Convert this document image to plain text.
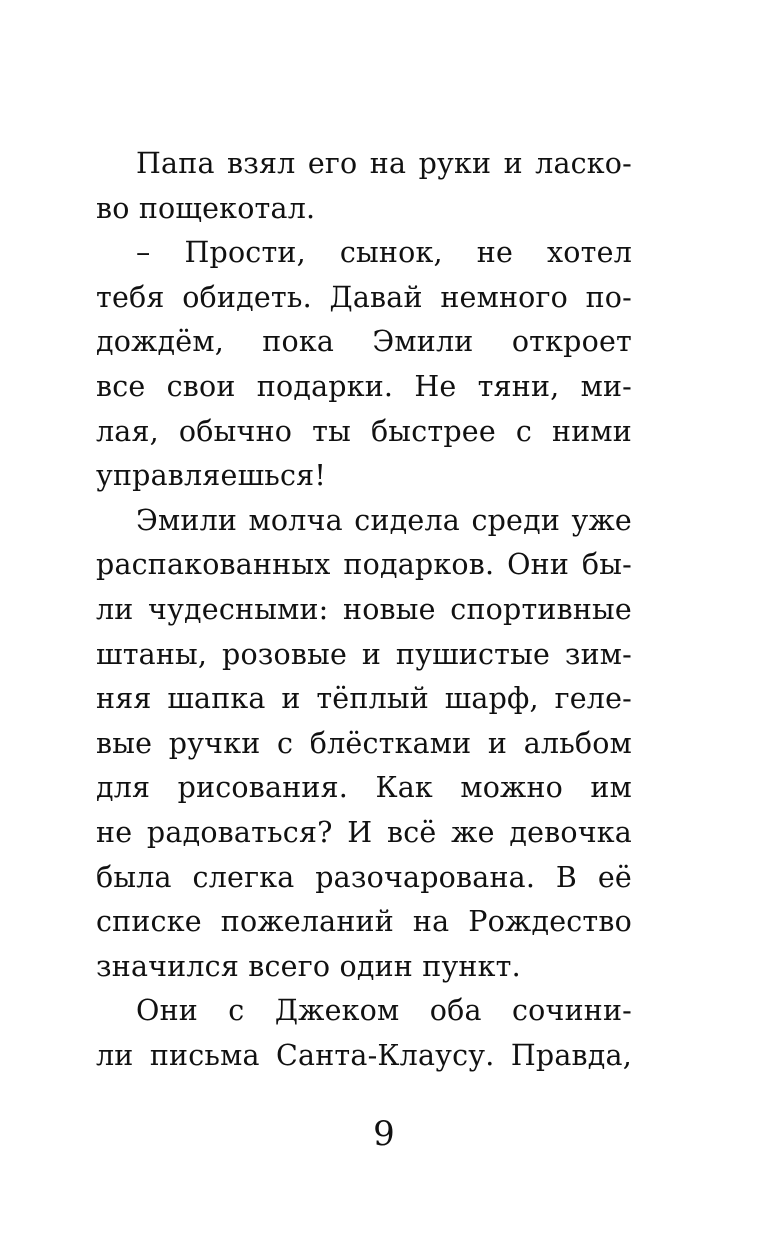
Папа взял его на руки и ласко-
во пощекотал.
– Прости, сынок, не хотел
тебя обидеть. Давай немного по-
дождём, пока Эмили откроет
все свои подарки. Не тяни, ми-
лая, обычно ты быстрее с ними
управляешься!
Эмили молча сидела среди уже
распакованных подарков. Они бы-
ли чудесными: новые спортивные
штаны, розовые и пушистые зим-
няя шапка и тёплый шарф, геле-
вые ручки с блёстками и альбом
для рисования. Как можно им
не радоваться? И всё же девочка
была слегка разочарована. В её
списке пожеланий на Рождество
значился всего один пункт.
Они с Джеком оба сочини-
ли письма Санта-Клаусу. Правда,
9
